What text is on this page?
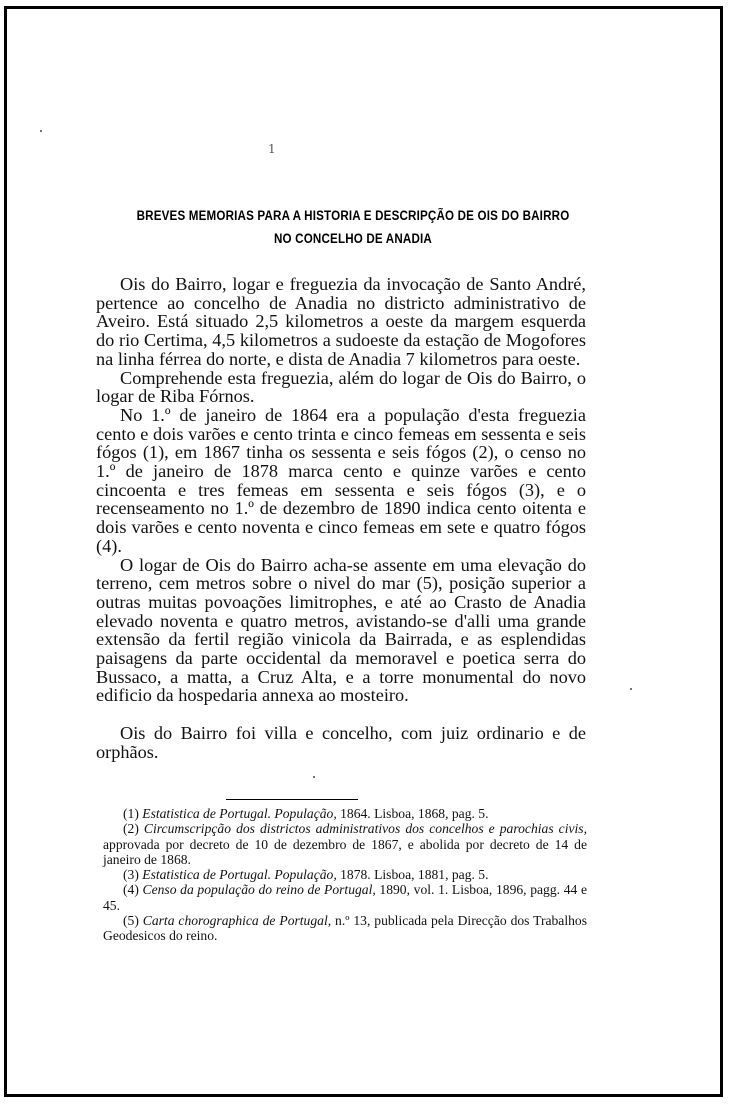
1
BREVES MEMORIAS PARA A HISTORIA E DESCRIPÇÃO DE OIS DO BAIRRO
NO CONCELHO DE ANADIA

Ois do Bairro, logar e freguezia da invocação de Santo André, pertence ao concelho de Anadia no districto administrativo de Aveiro. Está situado 2,5 kilometros a oeste da margem esquerda do rio Certima, 4,5 kilometros a sudoeste da estação de Mogofores na linha férrea do norte, e dista de Anadia 7 kilometros para oeste.

Comprehende esta freguezia, além do logar de Ois do Bairro, o logar de Riba Fórnos.

No 1.º de janeiro de 1864 era a população d'esta freguezia cento e dois varões e cento trinta e cinco femeas em sessenta e seis fógos (1), em 1867 tinha os sessenta e seis fógos (2), o censo no 1.º de janeiro de 1878 marca cento e quinze varões e cento cincoenta e tres femeas em sessenta e seis fógos (3), e o recenseamento no 1.º de dezembro de 1890 indica cento oitenta e dois varões e cento noventa e cinco femeas em sete e quatro fógos (4).

O logar de Ois do Bairro acha-se assente em uma elevação do terreno, cem metros sobre o nivel do mar (5), posição superior a outras muitas povoações limitrophes, e até ao Crasto de Anadia elevado noventa e quatro metros, avistando-se d'alli uma grande extensão da fertil região vinicola da Bairrada, e as esplendidas paisagens da parte occidental da memoravel e poetica serra do Bussaco, a matta, a Cruz Alta, e a torre monumental do novo edificio da hospedaria annexa ao mosteiro.

Ois do Bairro foi villa e concelho, com juiz ordinario e de orphãos.

(1) Estatistica de Portugal. População, 1864. Lisboa, 1868, pag. 5.

(2) Circumscripção dos districtos administrativos dos concelhos e parochias civis, approvada por decreto de 10 de dezembro de 1867, e abolida por decreto de 14 de janeiro de 1868.

(3) Estatistica de Portugal. População, 1878. Lisboa, 1881, pag. 5.

(4) Censo da população do reino de Portugal, 1890, vol. 1. Lisboa, 1896, pagg. 44 e 45.

(5) Carta chorographica de Portugal, n.º 13, publicada pela Direcção dos Trabalhos Geodesicos do reino.
